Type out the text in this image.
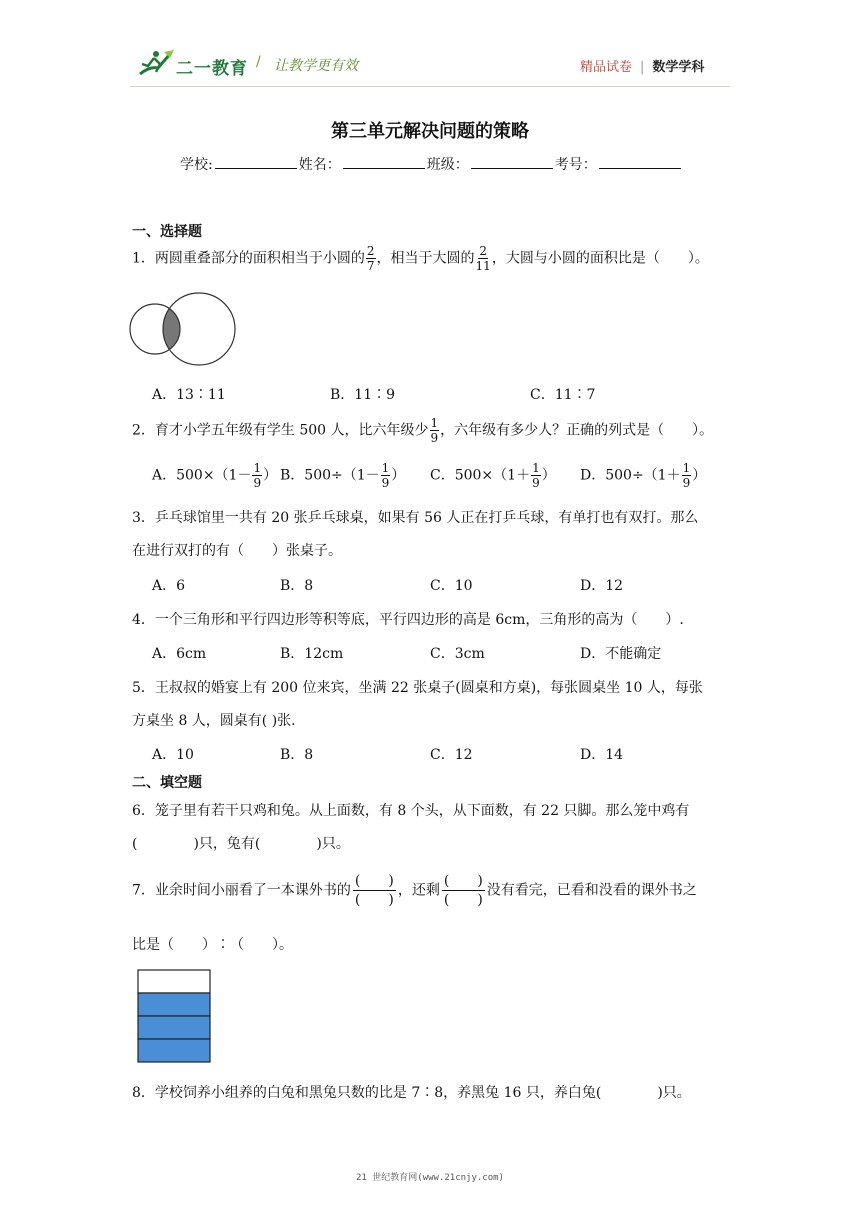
二一教育 / 让教学更有效	精品试卷 | 数学学科
第三单元解决问题的策略
学校:	姓名：	班级：	考号：
一、选择题
1．两圆重叠部分的面积相当于小圆的 $\frac{2}{7}$ ，相当于大圆的 $\frac{2}{11}$ ，大圆与小圆的面积比是（　　）。
A．13∶11	B．11∶9	C．11∶7
2．育才小学五年级有学生 500 人，比六年级少 $\frac{1}{9}$ ，六年级有多少人？正确的列式是（　　）。
A．$500\times(1- \frac{1}{9}$ ） B．$500\div(1- \frac{1}{9}$ ） C．$500\times(1+ \frac{1}{9}$ ） D．$500\div(1+ \frac{1}{9}$ ）
3．乒乓球馆里一共有 20 张乒乓球桌，如果有 56 人正在打乒乓球，有单打也有双打。那么
在进行双打的有（　　）张桌子。
A．6	B．8	C．10	D．12
4．一个三角形和平行四边形等积等底，平行四边形的高是 6cm，三角形的高为（　　）.
A．6cm	B．12cm	C．3cm	D．不能确定
5．王叔叔的婚宴上有 200 位来宾，坐满 22 张桌子(圆桌和方桌)，每张圆桌坐 10 人，每张
方桌坐 8 人，圆桌有( )张.
A．10	B．8	C．12	D．14
二、填空题
6．笼子里有若干只鸡和兔。从上面数，有 8 个头，从下面数，有 22 只脚。那么笼中鸡有
(　　　　)只，兔有(　　　　)只。
7．业余时间小丽看了一本课外书的 $\frac{( )}{( )}$ ，还剩 $\frac{( )}{( )}$ 没有看完，已看和没看的课外书之
比是（　　）∶（　　）。
8．学校饲养小组养的白兔和黑兔只数的比是 7∶8，养黑兔 16 只，养白兔(　　　　)只。
21 世纪教育网(www.21cnjy.com)
